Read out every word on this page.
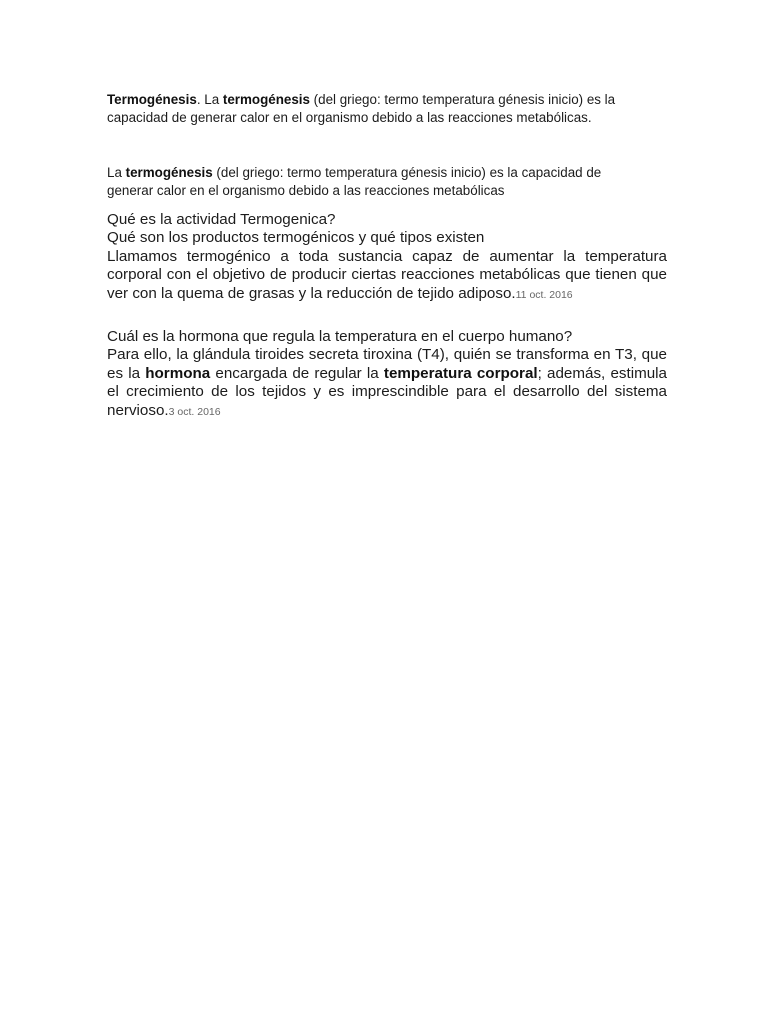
Termogénesis. La termogénesis (del griego: termo temperatura génesis inicio) es la
capacidad de generar calor en el organismo debido a las reacciones metabólicas.
La termogénesis (del griego: termo temperatura génesis inicio) es la capacidad de
generar calor en el organismo debido a las reacciones metabólicas
Qué es la actividad Termogenica?
Qué son los productos termogénicos y qué tipos existen
Llamamos termogénico a toda sustancia capaz de aumentar la temperatura
corporal con el objetivo de producir ciertas reacciones metabólicas que tienen que
ver con la quema de grasas y la reducción de tejido adiposo.11 oct. 2016
Cuál es la hormona que regula la temperatura en el cuerpo humano?
Para ello, la glándula tiroides secreta tiroxina (T4), quién se transforma en T3, que
es la hormona encargada de regular la temperatura corporal; además, estimula
el crecimiento de los tejidos y es imprescindible para el desarrollo del sistema
nervioso.3 oct. 2016
